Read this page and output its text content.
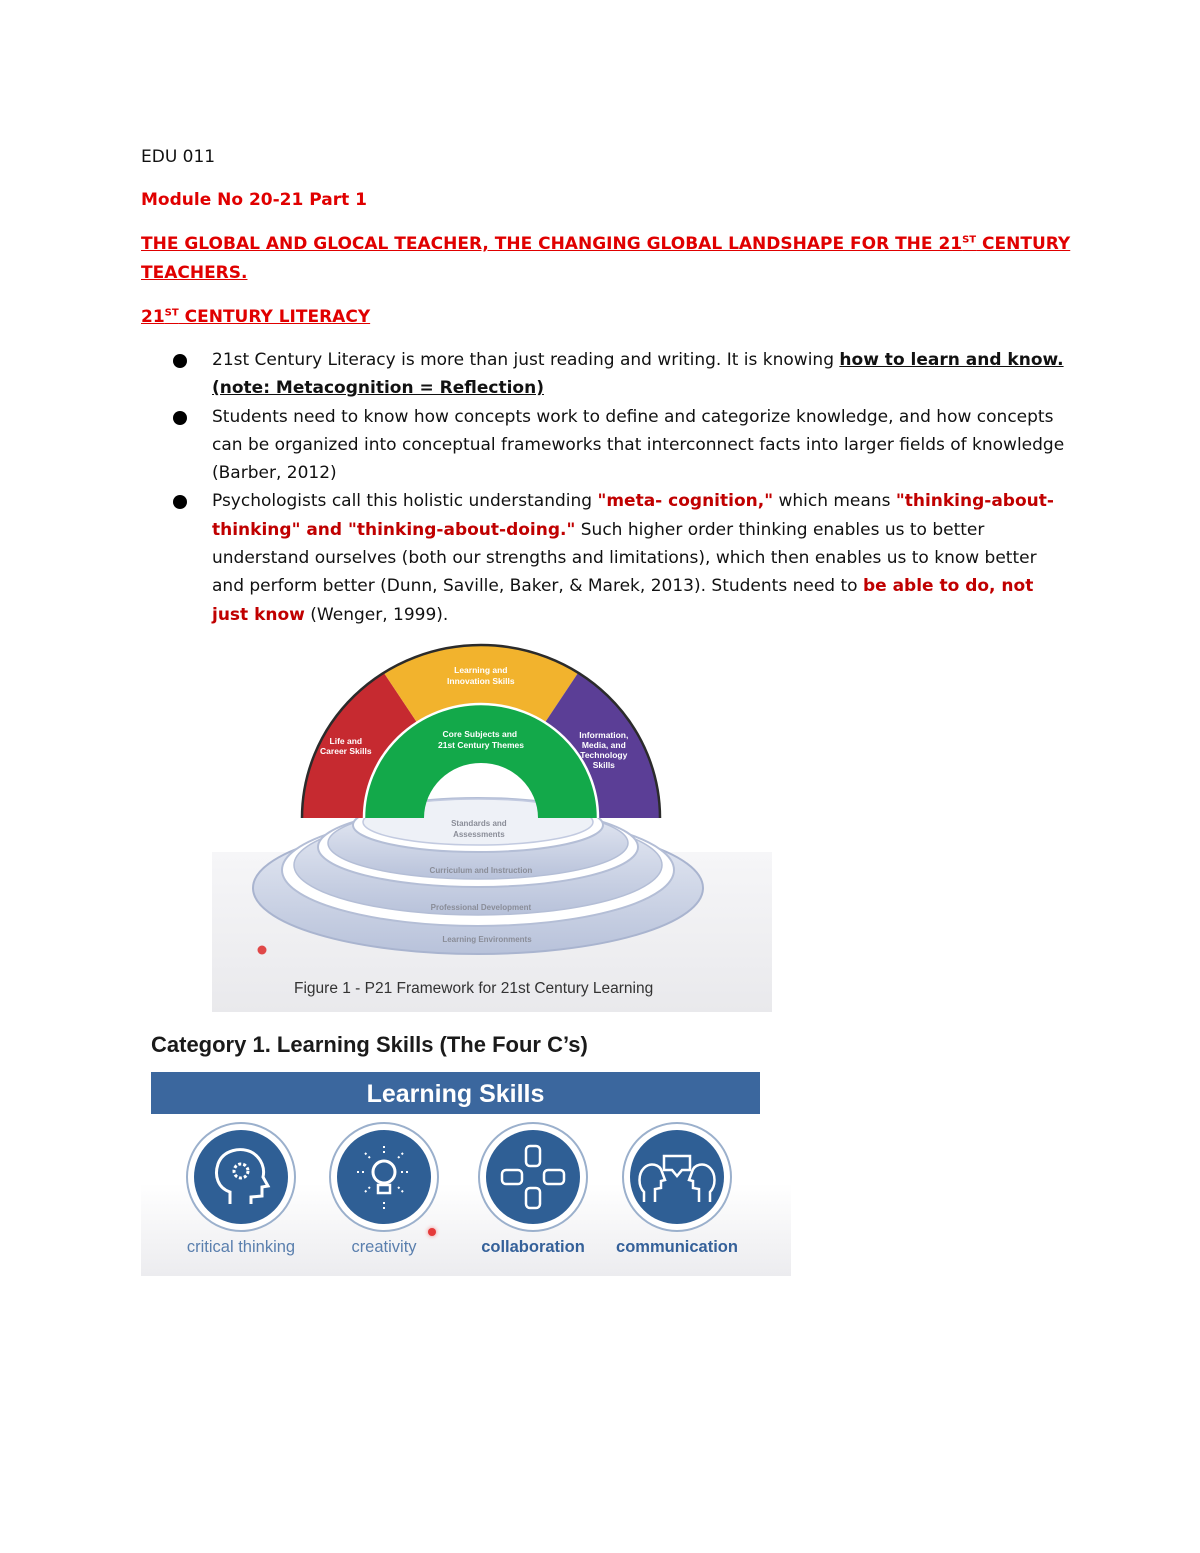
EDU 011
Module No 20-21 Part 1
THE GLOBAL AND GLOCAL TEACHER, THE CHANGING GLOBAL LANDSHAPE FOR THE 21ST CENTURY
TEACHERS.
21ST CENTURY LITERACY
21st Century Literacy is more than just reading and writing. It is knowing how to learn and know. (note: Metacognition = Reflection)
Students need to know how concepts work to define and categorize knowledge, and how concepts can be organized into conceptual frameworks that interconnect facts into larger fields of knowledge (Barber, 2012)
Psychologists call this holistic understanding "meta- cognition," which means "thinking-about-thinking" and "thinking-about-doing." Such higher order thinking enables us to better understand ourselves (both our strengths and limitations), which then enables us to know better and perform better (Dunn, Saville, Baker, & Marek, 2013). Students need to be able to do, not just know (Wenger, 1999).
Life and Career Skills Learning and Innovation Skills Information, Media, and Technology Skills Core Subjects and 21st Century Themes
Standards and Assessments Curriculum and Instruction Professional Development Learning Environments
Figure 1 - P21 Framework for 21st Century Learning
Category 1. Learning Skills (The Four C’s)
Learning Skills
critical thinking	creativity	collaboration	communication
